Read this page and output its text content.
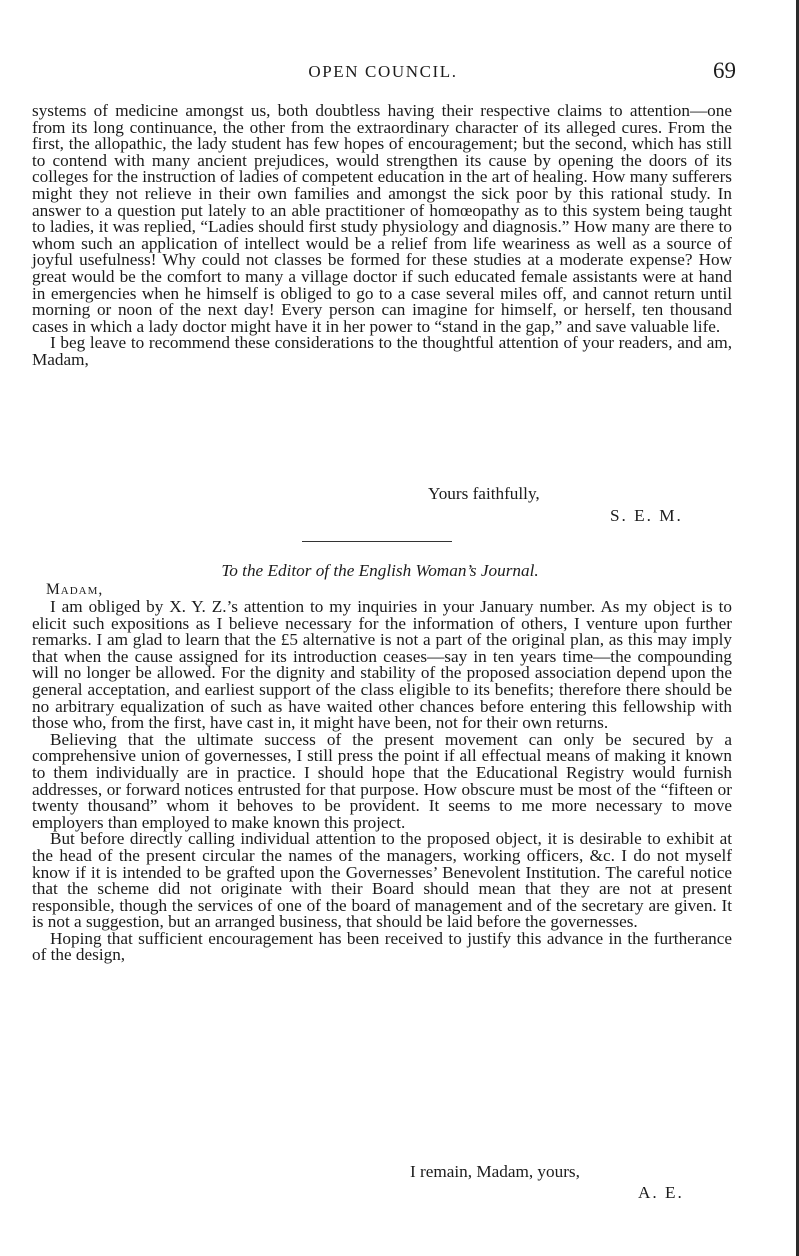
OPEN COUNCIL.	69

systems of medicine amongst us, both doubtless having their respective claims to attention—one from its long continuance, the other from the extraordinary character of its alleged cures. From the first, the allopathic, the lady student has few hopes of encouragement; but the second, which has still to contend with many ancient prejudices, would strengthen its cause by opening the doors of its colleges for the instruction of ladies of competent education in the art of healing. How many sufferers might they not relieve in their own families and amongst the sick poor by this rational study. In answer to a question put lately to an able practitioner of homœopathy as to this system being taught to ladies, it was replied, “Ladies should first study physiology and diagnosis.” How many are there to whom such an application of intellect would be a relief from life weariness as well as a source of joyful usefulness! Why could not classes be formed for these studies at a moderate expense? How great would be the comfort to many a village doctor if such educated female assistants were at hand in emergencies when he himself is obliged to go to a case several miles off, and cannot return until morning or noon of the next day! Every person can imagine for himself, or herself, ten thousand cases in which a lady doctor might have it in her power to “stand in the gap,” and save valuable life.

I beg leave to recommend these considerations to the thoughtful attention of your readers, and am, Madam,

Yours faithfully,
S. E. M.
To the Editor of the English Woman’s Journal.
Madam,

I am obliged by X. Y. Z.’s attention to my inquiries in your January number. As my object is to elicit such expositions as I believe necessary for the information of others, I venture upon further remarks. I am glad to learn that the £5 alternative is not a part of the original plan, as this may imply that when the cause assigned for its introduction ceases—say in ten years time—the compounding will no longer be allowed. For the dignity and stability of the proposed association depend upon the general acceptation, and earliest support of the class eligible to its benefits; therefore there should be no arbitrary equalization of such as have waited other chances before entering this fellowship with those who, from the first, have cast in, it might have been, not for their own returns.

Believing that the ultimate success of the present movement can only be secured by a comprehensive union of governesses, I still press the point if all effectual means of making it known to them individually are in practice. I should hope that the Educational Registry would furnish addresses, or forward notices entrusted for that purpose. How obscure must be most of the “fifteen or twenty thousand” whom it behoves to be provident. It seems to me more necessary to move employers than employed to make known this project.

But before directly calling individual attention to the proposed object, it is desirable to exhibit at the head of the present circular the names of the managers, working officers, &c. I do not myself know if it is intended to be grafted upon the Governesses’ Benevolent Institution. The careful notice that the scheme did not originate with their Board should mean that they are not at present responsible, though the services of one of the board of management and of the secretary are given. It is not a suggestion, but an arranged business, that should be laid before the governesses.

Hoping that sufficient encouragement has been received to justify this advance in the furtherance of the design,

I remain, Madam, yours,
A. E.
